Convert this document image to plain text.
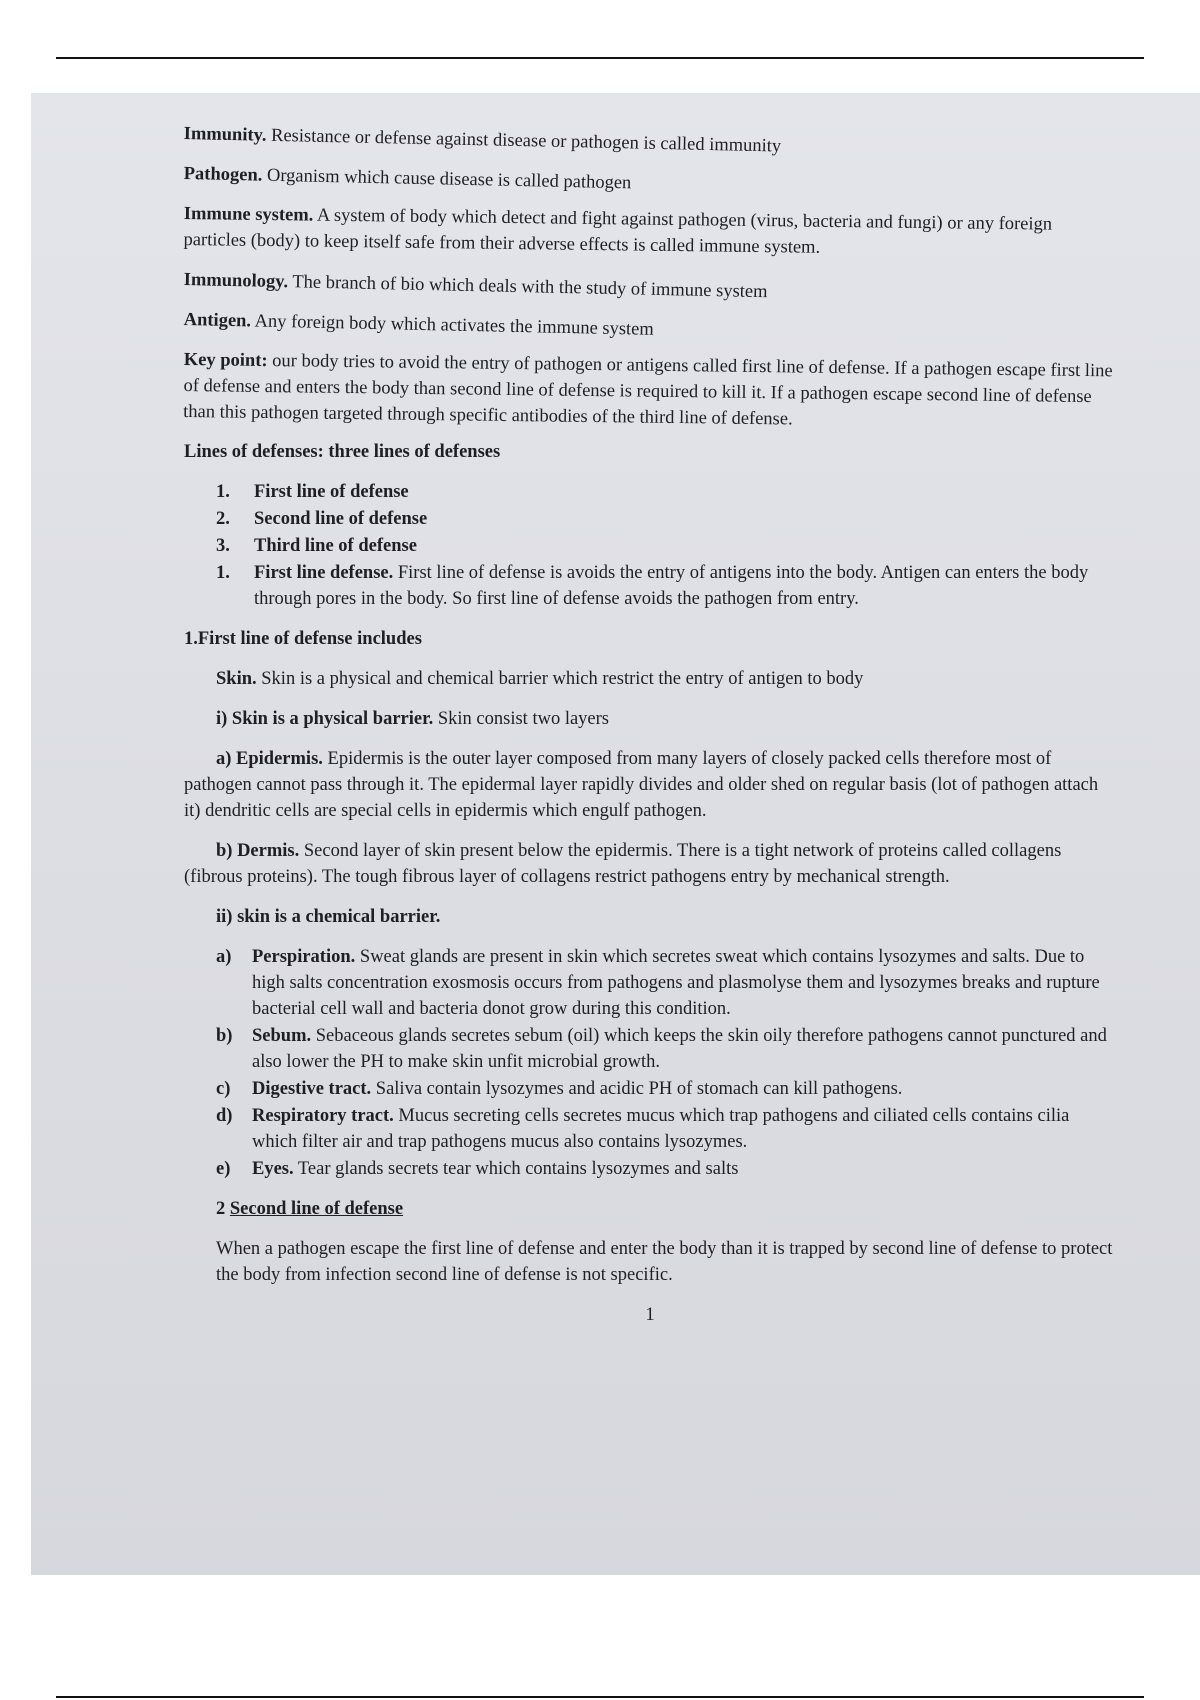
Immunity. Resistance or defense against disease or pathogen is called immunity

Pathogen. Organism which cause disease is called pathogen

Immune system. A system of body which detect and fight against pathogen (virus, bacteria and fungi) or any foreign particles (body) to keep itself safe from their adverse effects is called immune system.

Immunology. The branch of bio which deals with the study of immune system

Antigen. Any foreign body which activates the immune system

Key point: our body tries to avoid the entry of pathogen or antigens called first line of defense. If a pathogen escape first line of defense and enters the body than second line of defense is required to kill it. If a pathogen escape second line of defense than this pathogen targeted through specific antibodies of the third line of defense.

Lines of defenses: three lines of defenses

1. First line of defense
2. Second line of defense
3. Third line of defense
1. First line defense. First line of defense is avoids the entry of antigens into the body. Antigen can enters the body through pores in the body. So first line of defense avoids the pathogen from entry.

1.First line of defense includes

Skin. Skin is a physical and chemical barrier which restrict the entry of antigen to body

i) Skin is a physical barrier. Skin consist two layers

a) Epidermis. Epidermis is the outer layer composed from many layers of closely packed cells therefore most of pathogen cannot pass through it. The epidermal layer rapidly divides and older shed on regular basis (lot of pathogen attach it) dendritic cells are special cells in epidermis which engulf pathogen.

b) Dermis. Second layer of skin present below the epidermis. There is a tight network of proteins called collagens (fibrous proteins). The tough fibrous layer of collagens restrict pathogens entry by mechanical strength.

ii) skin is a chemical barrier.

a) Perspiration. Sweat glands are present in skin which secretes sweat which contains lysozymes and salts. Due to high salts concentration exosmosis occurs from pathogens and plasmolyse them and lysozymes breaks and rupture bacterial cell wall and bacteria donot grow during this condition.
b) Sebum. Sebaceous glands secretes sebum (oil) which keeps the skin oily therefore pathogens cannot punctured and also lower the PH to make skin unfit microbial growth.
c) Digestive tract. Saliva contain lysozymes and acidic PH of stomach can kill pathogens.
d) Respiratory tract. Mucus secreting cells secretes mucus which trap pathogens and ciliated cells contains cilia which filter air and trap pathogens mucus also contains lysozymes.
e) Eyes. Tear glands secrets tear which contains lysozymes and salts

2 Second line of defense

When a pathogen escape the first line of defense and enter the body than it is trapped by second line of defense to protect the body from infection second line of defense is not specific.

1
